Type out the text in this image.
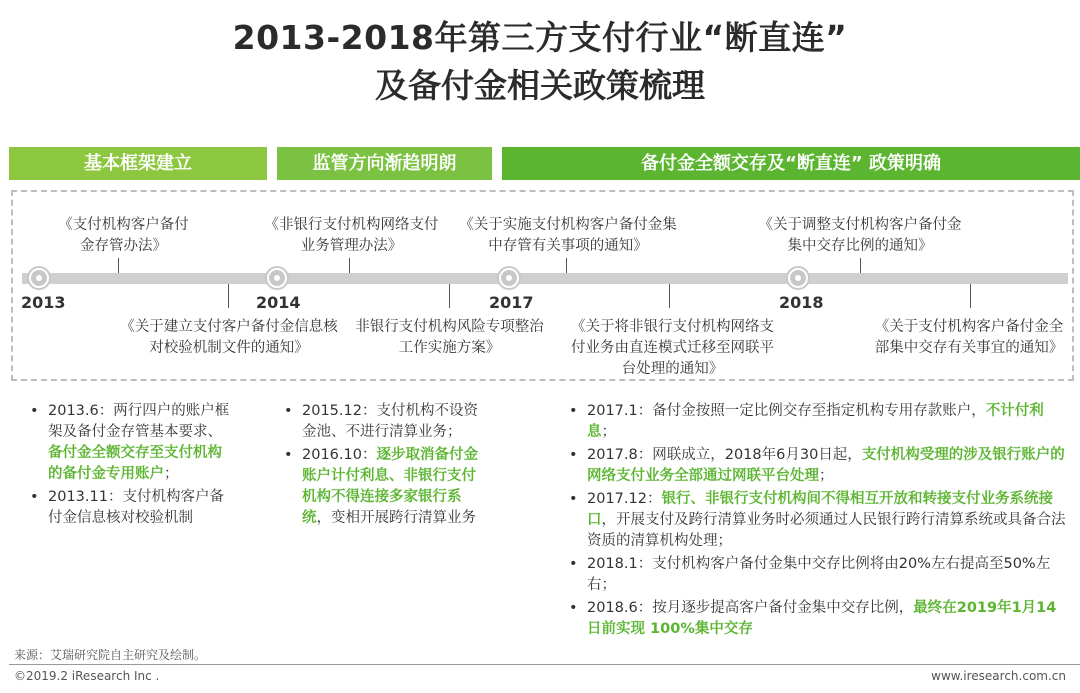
2013-2018年第三方支付行业“断直连”
及备付金相关政策梳理
基本框架建立	监管方向渐趋明朗	备付金全额交存及“断直连” 政策明确
2013	2014	2017	2018
《支付机构客户备付金存管办法》
《非银行支付机构网络支付业务管理办法》
《关于实施支付机构客户备付金集中存管有关事项的通知》
《关于调整支付机构客户备付金集中交存比例的通知》
《关于建立支付客户备付金信息核对校验机制文件的通知》
非银行支付机构风险专项整治工作实施方案》
《关于将非银行支付机构网络支付业务由直连模式迁移至网联平台处理的通知》
《关于支付机构客户备付金全部集中交存有关事宜的通知》
• 2013.6：两行四户的账户框架及备付金存管基本要求、备付金全额交存至支付机构的备付金专用账户；
• 2013.11：支付机构客户备付金信息核对校验机制
• 2015.12：支付机构不设资金池、不进行清算业务；
• 2016.10：逐步取消备付金账户计付利息、非银行支付机构不得连接多家银行系统，变相开展跨行清算业务
• 2017.1：备付金按照一定比例交存至指定机构专用存款账户，不计付利息；
• 2017.8：网联成立，2018年6月30日起，支付机构受理的涉及银行账户的网络支付业务全部通过网联平台处理；
• 2017.12：银行、非银行支付机构间不得相互开放和转接支付业务系统接口，开展支付及跨行清算业务时必须通过人民银行跨行清算系统或具备合法资质的清算机构处理；
• 2018.1：支付机构客户备付金集中交存比例将由20%左右提高至50%左右；
• 2018.6：按月逐步提高客户备付金集中交存比例，最终在2019年1月14日前实现 100%集中交存
来源：艾瑞研究院自主研究及绘制。
©2019.2 iResearch Inc .	www.iresearch.com.cn
